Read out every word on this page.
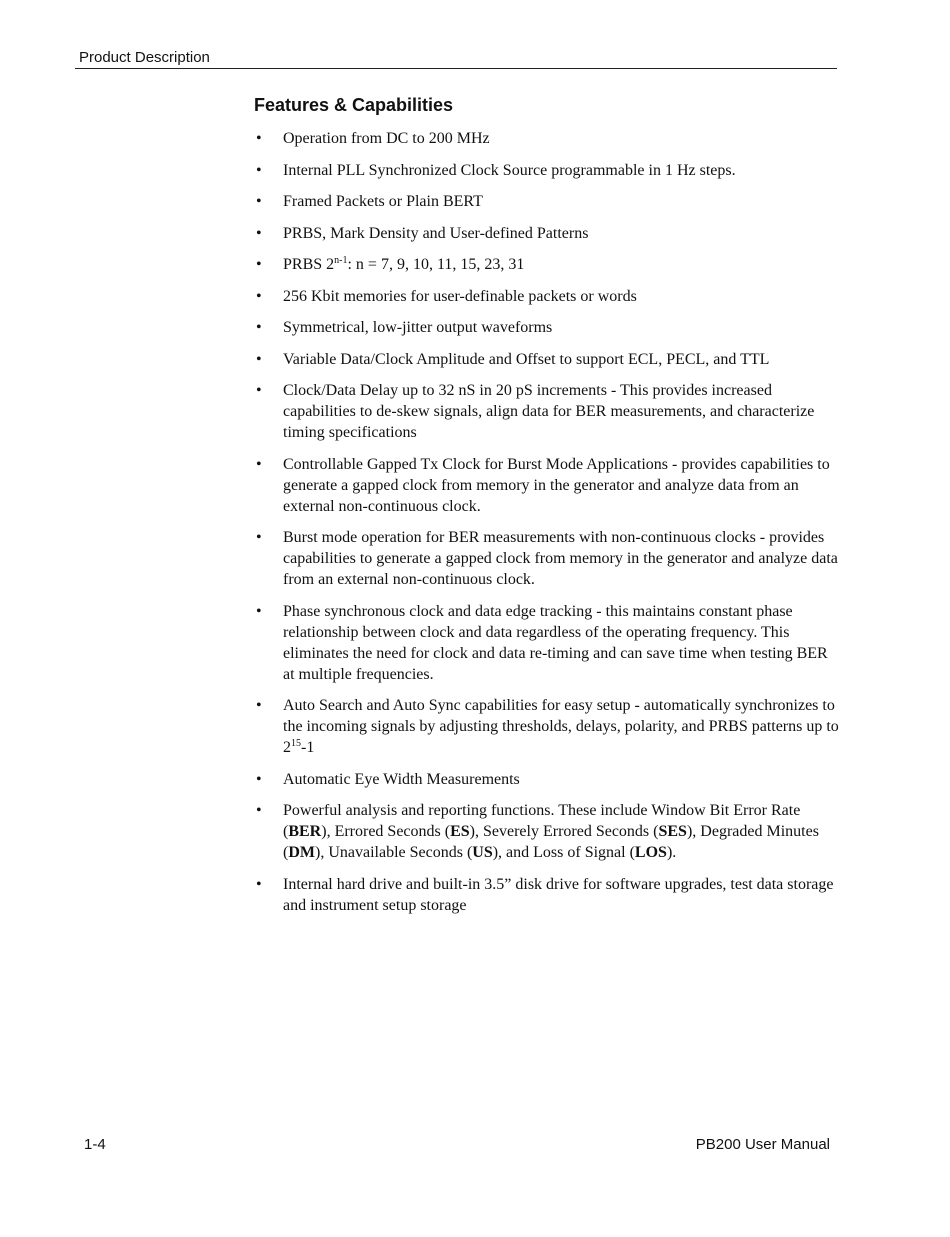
Product Description
Features & Capabilities
• Operation from DC to 200 MHz
• Internal PLL Synchronized Clock Source programmable in 1 Hz steps.
• Framed Packets or Plain BERT
• PRBS, Mark Density and User-defined Patterns
• PRBS 2$^{n-1}$: n = 7, 9, 10, 11, 15, 23, 31
• 256 Kbit memories for user-definable packets or words
• Symmetrical, low-jitter output waveforms
• Variable Data/Clock Amplitude and Offset to support ECL, PECL, and TTL
• Clock/Data Delay up to 32 nS in 20 pS increments - This provides increased capabilities to de-skew signals, align data for BER measurements, and characterize timing specifications
• Controllable Gapped Tx Clock for Burst Mode Applications - provides capabilities to generate a gapped clock from memory in the generator and analyze data from an external non-continuous clock.
• Burst mode operation for BER measurements with non-continuous clocks - provides capabilities to generate a gapped clock from memory in the generator and analyze data from an external non-continuous clock.
• Phase synchronous clock and data edge tracking - this maintains constant phase relationship between clock and data regardless of the operating frequency. This eliminates the need for clock and data re-timing and can save time when testing BER at multiple frequencies.
• Auto Search and Auto Sync capabilities for easy setup - automatically synchronizes to the incoming signals by adjusting thresholds, delays, polarity, and PRBS patterns up to $2^{15}-1$
• Automatic Eye Width Measurements
• Powerful analysis and reporting functions. These include Window Bit Error Rate (BER), Errored Seconds (ES), Severely Errored Seconds (SES), Degraded Minutes (DM), Unavailable Seconds (US), and Loss of Signal (LOS).
• Internal hard drive and built-in 3.5” disk drive for software upgrades, test data storage and instrument setup storage
1-4	PB200 User Manual
